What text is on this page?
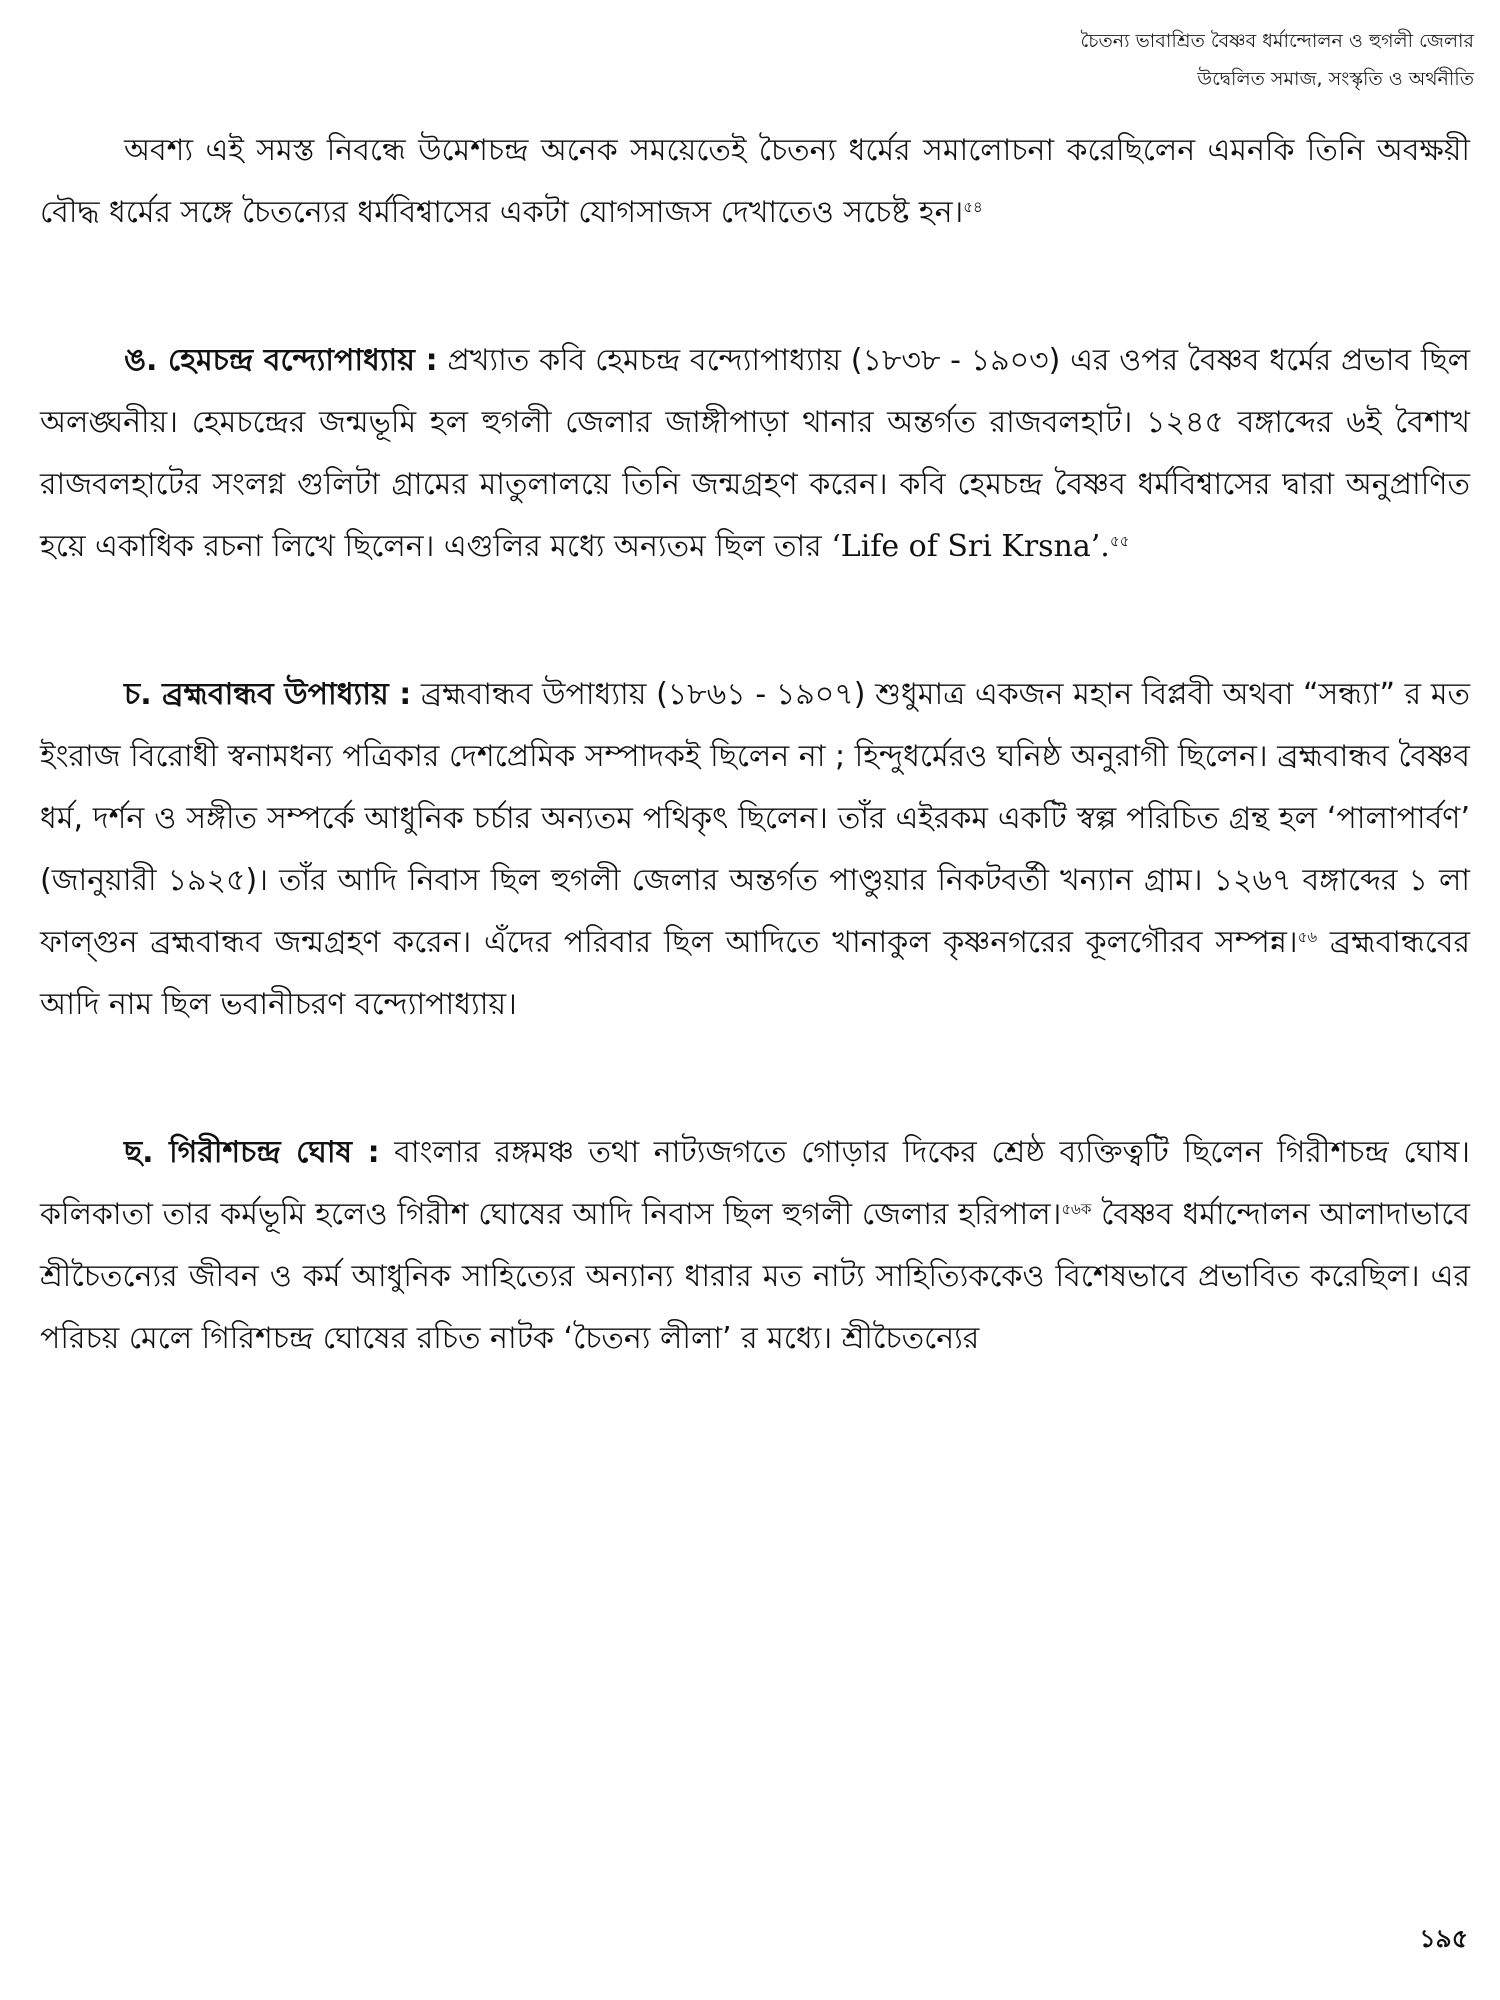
চৈতন্য ভাবাশ্রিত বৈষ্ণব ধর্মান্দোলন ও হুগলী জেলার
উদ্বেলিত সমাজ, সংস্কৃতি ও অর্থনীতি

অবশ্য এই সমস্ত নিবন্ধে উমেশচন্দ্র অনেক সময়েতেই চৈতন্য ধর্মের সমালোচনা করেছিলেন এমনকি তিনি অবক্ষয়ী বৌদ্ধ ধর্মের সঙ্গে চৈতন্যের ধর্মবিশ্বাসের একটা যোগসাজস দেখাতেও সচেষ্ট হন।$^{৫৪}$

ঙ. হেমচন্দ্র বন্দ্যোপাধ্যায় : প্রখ্যাত কবি হেমচন্দ্র বন্দ্যোপাধ্যায় (১৮৩৮ - ১৯০৩) এর ওপর বৈষ্ণব ধর্মের প্রভাব ছিল অলঙ্ঘনীয়। হেমচন্দ্রের জন্মভূমি হল হুগলী জেলার জাঙ্গীপাড়া থানার অন্তর্গত রাজবলহাট। ১২৪৫ বঙ্গাব্দের ৬ই বৈশাখ রাজবলহাটের সংলগ্ন গুলিটা গ্রামের মাতুলালয়ে তিনি জন্মগ্রহণ করেন। কবি হেমচন্দ্র বৈষ্ণব ধর্মবিশ্বাসের দ্বারা অনুপ্রাণিত হয়ে একাধিক রচনা লিখে ছিলেন। এগুলির মধ্যে অন্যতম ছিল তার ‘Life of Sri Krsna’.$^{৫৫}$

চ. ব্রহ্মবান্ধব উপাধ্যায় : ব্রহ্মবান্ধব উপাধ্যায় (১৮৬১ - ১৯০৭) শুধুমাত্র একজন মহান বিপ্লবী অথবা “সন্ধ্যা” র মত ইংরাজ বিরোধী স্বনামধন্য পত্রিকার দেশপ্রেমিক সম্পাদকই ছিলেন না ; হিন্দুধর্মেরও ঘনিষ্ঠ অনুরাগী ছিলেন। ব্রহ্মবান্ধব বৈষ্ণব ধর্ম, দর্শন ও সঙ্গীত সম্পর্কে আধুনিক চর্চার অন্যতম পথিকৃৎ ছিলেন। তাঁর এইরকম একটি স্বল্প পরিচিত গ্রন্থ হল ‘পালাপার্বণ’ (জানুয়ারী ১৯২৫)। তাঁর আদি নিবাস ছিল হুগলী জেলার অন্তর্গত পাণ্ডুয়ার নিকটবর্তী খন্যান গ্রাম। ১২৬৭ বঙ্গাব্দের ১ লা ফাল্গুন ব্রহ্মবান্ধব জন্মগ্রহণ করেন। এঁদের পরিবার ছিল আদিতে খানাকুল কৃষ্ণনগরের কূলগৌরব সম্পন্ন।$^{৫৬}$ ব্রহ্মবান্ধবের আদি নাম ছিল ভবানীচরণ বন্দ্যোপাধ্যায়।

ছ. গিরীশচন্দ্র ঘোষ : বাংলার রঙ্গমঞ্চ তথা নাট্যজগতে গোড়ার দিকের শ্রেষ্ঠ ব্যক্তিত্বটি ছিলেন গিরীশচন্দ্র ঘোষ। কলিকাতা তার কর্মভূমি হলেও গিরীশ ঘোষের আদি নিবাস ছিল হুগলী জেলার হরিপাল।$^{৫৬ক}$ বৈষ্ণব ধর্মান্দোলন আলাদাভাবে শ্রীচৈতন্যের জীবন ও কর্ম আধুনিক সাহিত্যের অন্যান্য ধারার মত নাট্য সাহিত্যিককেও বিশেষভাবে প্রভাবিত করেছিল। এর পরিচয় মেলে গিরিশচন্দ্র ঘোষের রচিত নাটক ‘চৈতন্য লীলা’ র মধ্যে। শ্রীচৈতন্যের

১৯৫
